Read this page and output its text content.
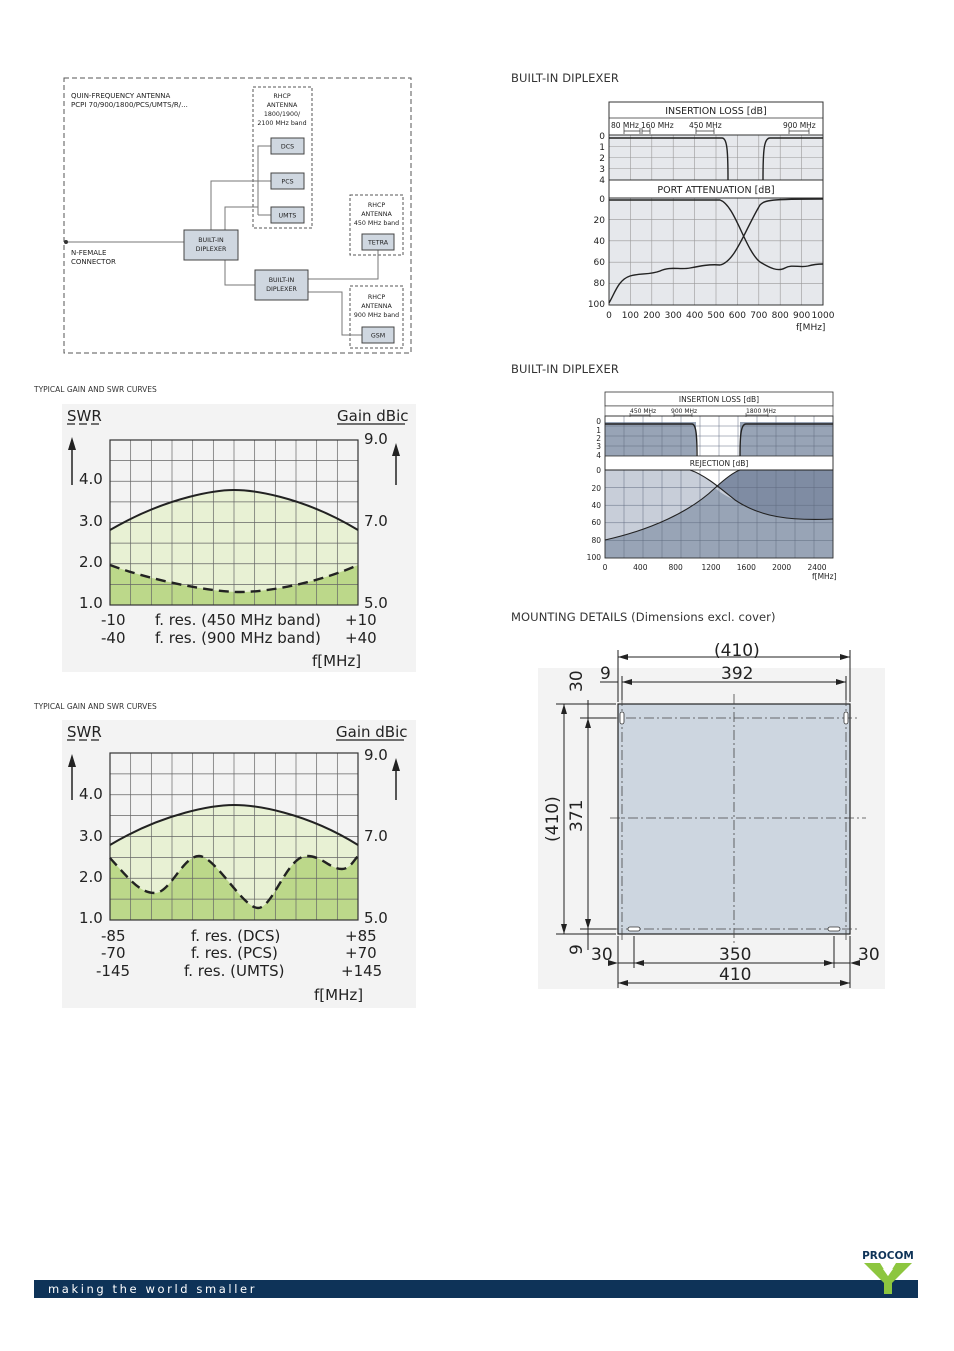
QUIN-FREQUENCY ANTENNA
PCPI 70/900/1800/PCS/UMTS/R/...
N-FEMALE
CONNECTOR
RHCP
ANTENNA
1800/1900/
2100 MHz band
DCS
PCS
UMTS
RHCP
ANTENNA
450 MHz band
TETRA
BUILT-IN
DIPLEXER
BUILT-IN
DIPLEXER
RHCP
ANTENNA
900 MHz band
GSM
TYPICAL GAIN AND SWR CURVES
SWR	Gain dBic
4.0
3.0
2.0
1.0
9.0
7.0
5.0
-10 f. res. (450 MHz band) +10
-40 f. res. (900 MHz band) +40
f[MHz]
TYPICAL GAIN AND SWR CURVES
SWR	Gain dBic
4.0
3.0
2.0
1.0
9.0
7.0
5.0
-85	f. res. (DCS)	+85
-70	f. res. (PCS)	+70
-145	f. res. (UMTS)	+145
f[MHz]
BUILT-IN DIPLEXER
INSERTION LOSS [dB]
PORT ATTENUATION [dB]
80 MHz 160 MHz 450 MHz	900 MHz
0
1
2
3
4
0
20
40
60
80
100
0 100 200 300 400 500 600 700 800 900 1000
f[MHz]
BUILT-IN DIPLEXER
INSERTION LOSS [dB]
REJECTION [dB]
450 MHz 900 MHz	1800 MHz
0
1
2
3
4
0
20
40
60
80
100
0	400	800 1200 1600 2000 2400
f[MHz]
MOUNTING DETAILS (Dimensions excl. cover)
(410)
392
9
30	350	30
410
(410) 371
30
9
making the world smaller
PROCOM
